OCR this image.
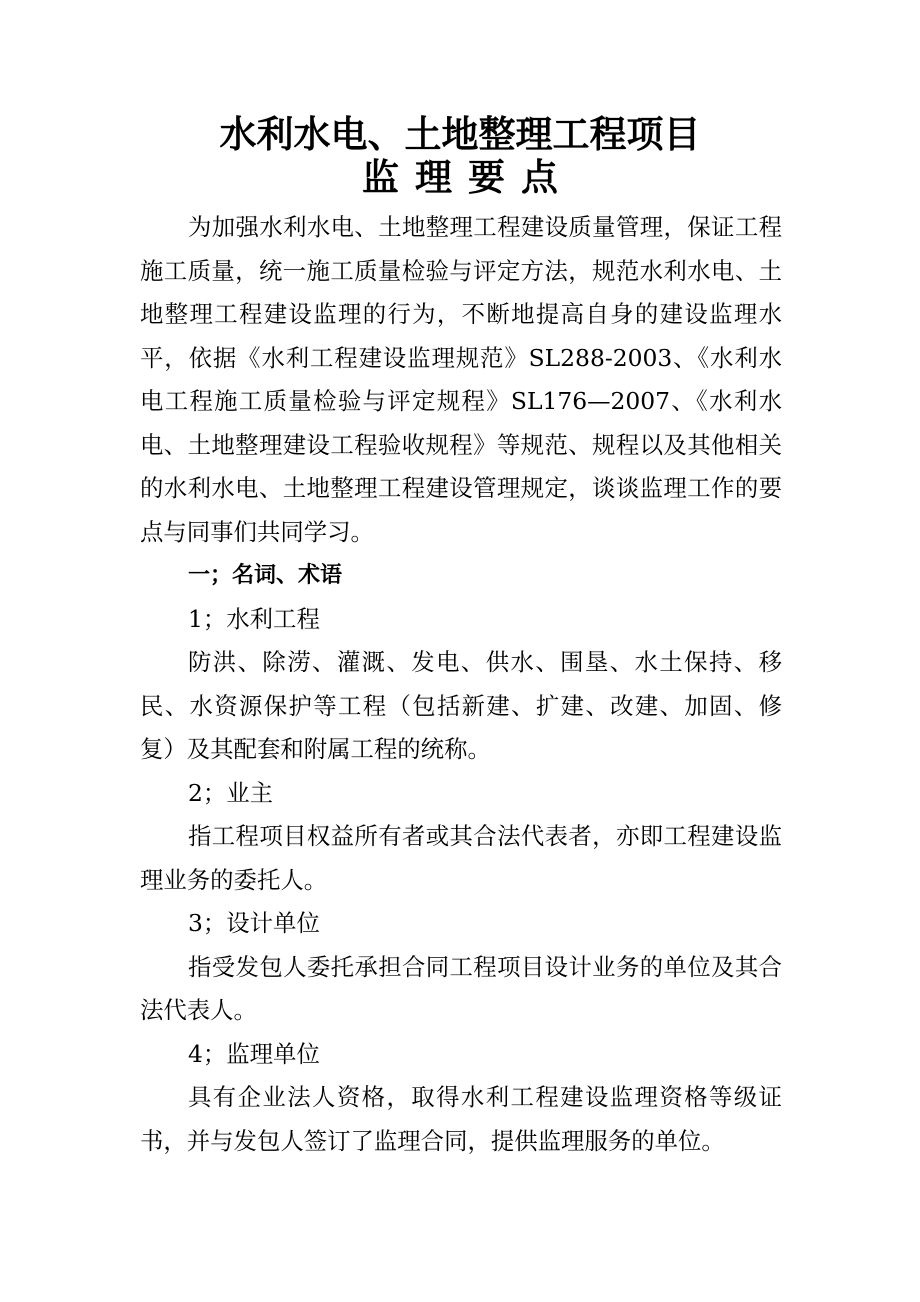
水利水电、土地整理工程项目
监理要点

为加强水利水电、土地整理工程建设质量管理，保证工程施工质量，统一施工质量检验与评定方法，规范水利水电、土地整理工程建设监理的行为，不断地提高自身的建设监理水平，依据《水利工程建设监理规范》SL288-2003、《水利水电工程施工质量检验与评定规程》SL176—2007、《水利水电、土地整理建设工程验收规程》等规范、规程以及其他相关的水利水电、土地整理工程建设管理规定，谈谈监理工作的要点与同事们共同学习。

一；名词、术语

1；水利工程

防洪、除涝、灌溉、发电、供水、围垦、水土保持、移民、水资源保护等工程（包括新建、扩建、改建、加固、修复）及其配套和附属工程的统称。

2；业主

指工程项目权益所有者或其合法代表者，亦即工程建设监理业务的委托人。

3；设计单位

指受发包人委托承担合同工程项目设计业务的单位及其合法代表人。

4；监理单位

具有企业法人资格，取得水利工程建设监理资格等级证书，并与发包人签订了监理合同，提供监理服务的单位。
